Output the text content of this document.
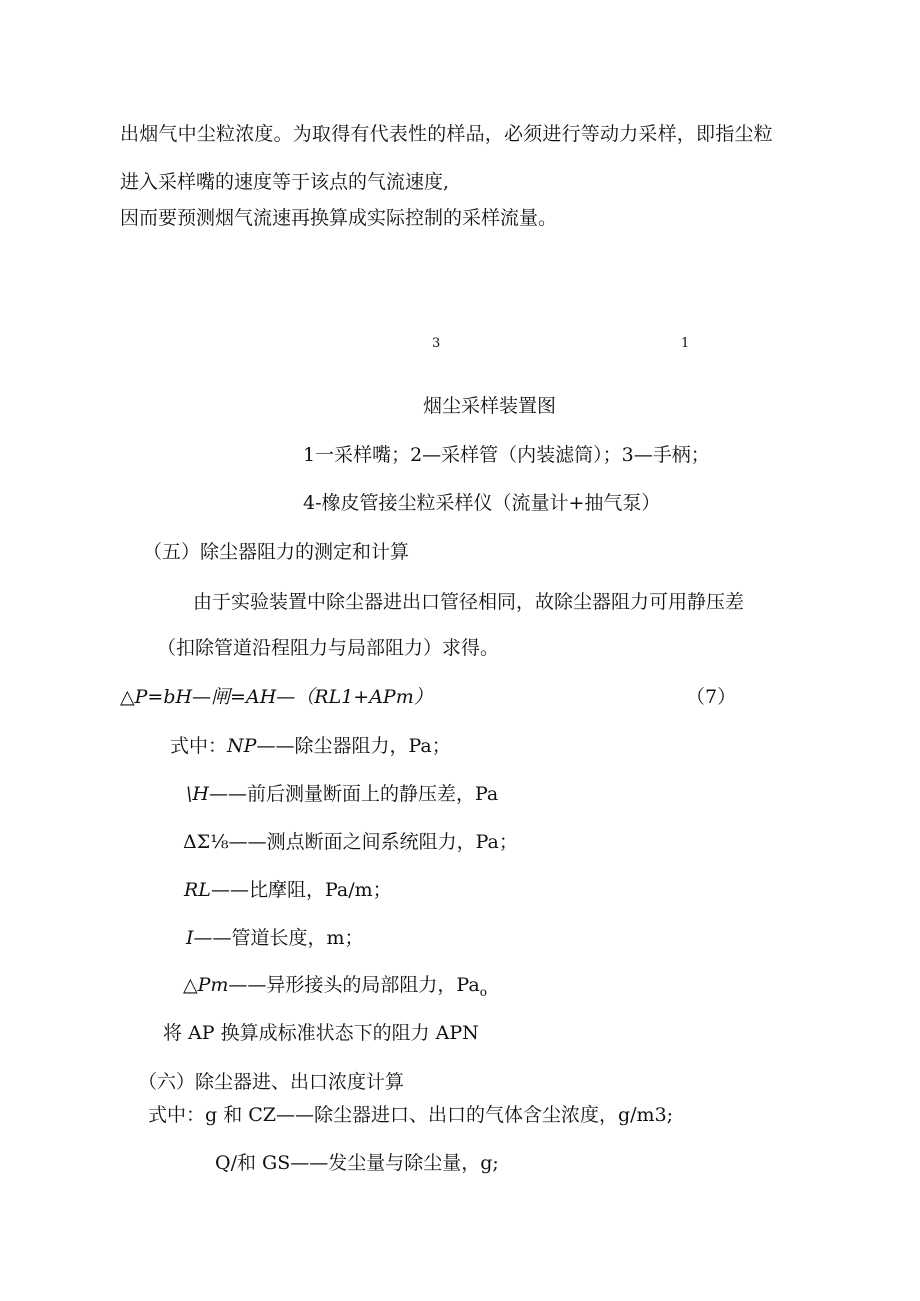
出烟气中尘粒浓度。为取得有代表性的样品，必须进行等动力采样，即指尘粒
进入采样嘴的速度等于该点的气流速度,
因而要预测烟气流速再换算成实际控制的采样流量。
3	1
烟尘采样装置图
1一采样嘴；2—采样管（内装滤筒）；3—手柄；
4-橡皮管接尘粒采样仪（流量计+抽气泵）
（五）除尘器阻力的测定和计算
由于实验装置中除尘器进出口管径相同，故除尘器阻力可用静压差
（扣除管道沿程阻力与局部阻力）求得。
△P=bH—闸=AH—（RL1+APm）	（7）
式中：NP——除尘器阻力，Pa；
\H——前后测量断面上的静压差，Pa
ΔΣ⅛——测点断面之间系统阻力，Pa；
RL——比摩阻，Pa/m；
I——管道长度，m；
△Pm——异形接头的局部阻力，$Pa_o$
将 AP 换算成标准状态下的阻力 APN
（六）除尘器进、出口浓度计算
式中：g 和 CZ——除尘器进口、出口的气体含尘浓度，g∕m3;
Q/和 GS——发尘量与除尘量，g;
